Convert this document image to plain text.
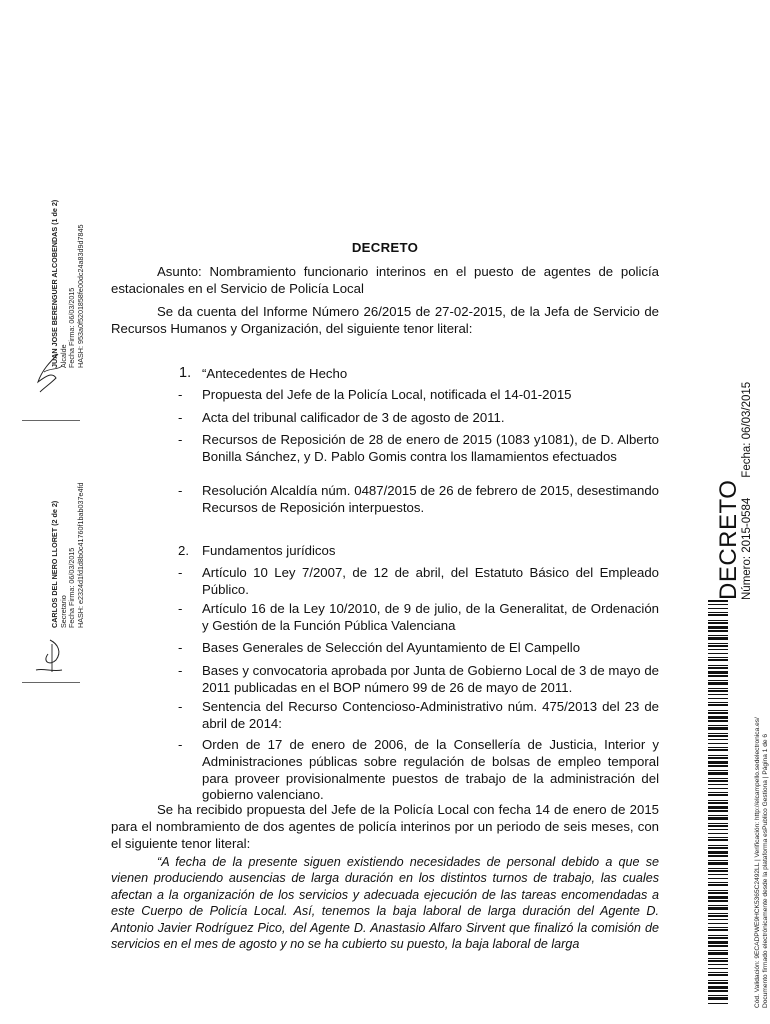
JUAN JOSE BERENGUER ALCOBENDAS (1 de 2) Alcalde Fecha Firma: 06/03/2015 HASH: 953a0f5201858fe00dc24a83d9d7845
CARLOS DEL NERO LLORET (2 de 2) Secretario Fecha Firma: 06/03/2015 HASH: e2324d1fd1d8b0c41760f1bab037e4fd	DECRETO Número: 2015-0584Fecha: 06/03/2015
Cód. Validación: 9ECADPWE9HCK5365C2492LL | Verificación: http://elcampello.sedelectronica.es/ Documento firmado electrónicamente desde la plataforma esPublico Gestiona | Página 1 de 6
DECRETO

Asunto: Nombramiento funcionario interinos en el puesto de agentes de policía estacionales en el Servicio de Policía Local

Se da cuenta del Informe Número 26/2015 de 27-02-2015, de la Jefa de Servicio de Recursos Humanos y Organización, del siguiente tenor literal:

1. “Antecedentes de Hecho

- Propuesta del Jefe de la Policía Local, notificada el 14-01-2015

- Acta del tribunal calificador de 3 de agosto de 2011.

- Recursos de Reposición de 28 de enero de 2015 (1083 y1081), de D. Alberto Bonilla Sánchez, y D. Pablo Gomis contra los llamamientos efectuados

- Resolución Alcaldía núm. 0487/2015 de 26 de febrero de 2015, desestimando Recursos de Reposición interpuestos.

2. Fundamentos jurídicos

- Artículo 10 Ley 7/2007, de 12 de abril, del Estatuto Básico del Empleado Público.

- Artículo 16 de la Ley 10/2010, de 9 de julio, de la Generalitat, de Ordenación y Gestión de la Función Pública Valenciana

- Bases Generales de Selección del Ayuntamiento de El Campello

- Bases y convocatoria aprobada por Junta de Gobierno Local de 3 de mayo de 2011 publicadas en el BOP número 99 de 26 de mayo de 2011.

- Sentencia del Recurso Contencioso-Administrativo núm. 475/2013 del 23 de abril de 2014:

- Orden de 17 de enero de 2006, de la Consellería de Justicia, Interior y Administraciones públicas sobre regulación de bolsas de empleo temporal para proveer provisionalmente puestos de trabajo de la administración del gobierno valenciano.

Se ha recibido propuesta del Jefe de la Policía Local con fecha 14 de enero de 2015 para el nombramiento de dos agentes de policía interinos por un periodo de seis meses, con el siguiente tenor literal:

“A fecha de la presente siguen existiendo necesidades de personal debido a que se vienen produciendo ausencias de larga duración en los distintos turnos de trabajo, las cuales afectan a la organización de los servicios y adecuada ejecución de las tareas encomendadas a este Cuerpo de Policía Local. Así, tenemos la baja laboral de larga duración del Agente D. Antonio Javier Rodríguez Pico, del Agente D. Anastasio Alfaro Sirvent que finalizó la comisión de servicios en el mes de agosto y no se ha cubierto su puesto, la baja laboral de larga
